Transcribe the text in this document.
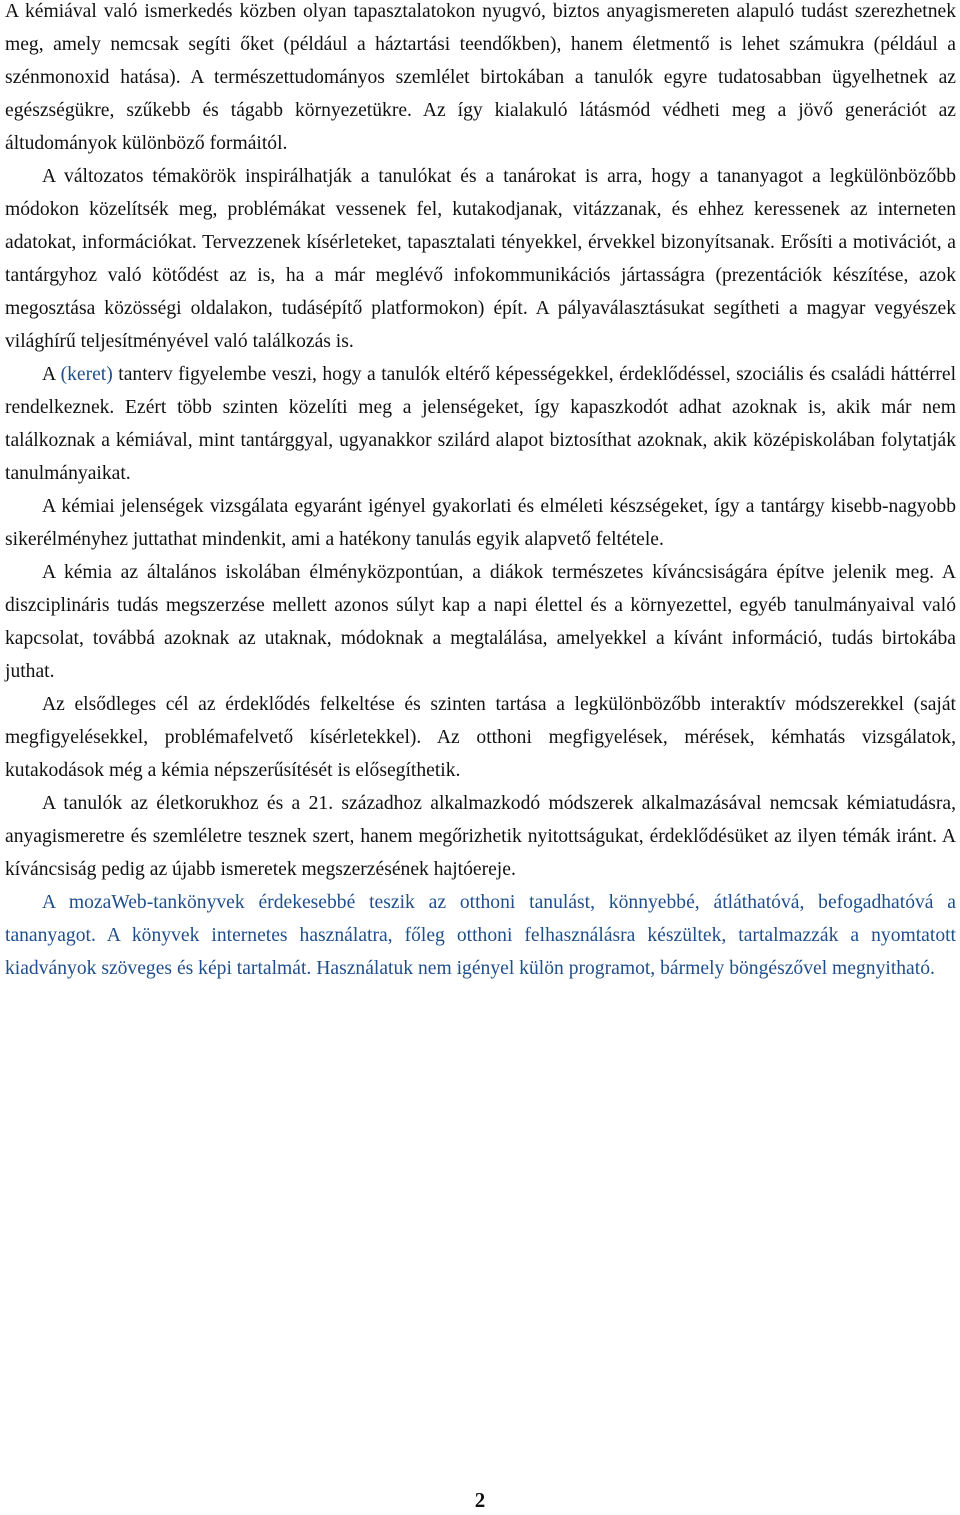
A kémiával való ismerkedés közben olyan tapasztalatokon nyugvó, biztos anyagismereten alapuló tudást szerezhetnek meg, amely nemcsak segíti őket (például a háztartási teendőkben), hanem életmentő is lehet számukra (például a szénmonoxid hatása). A természettudományos szemlélet birtokában a tanulók egyre tudatosabban ügyelhetnek az egészségükre, szűkebb és tágabb környezetükre. Az így kialakuló látásmód védheti meg a jövő generációt az áltudományok különböző formáitól.

A változatos témakörök inspirálhatják a tanulókat és a tanárokat is arra, hogy a tananyagot a legkülönbözőbb módokon közelítsék meg, problémákat vessenek fel, kutakodjanak, vitázzanak, és ehhez keressenek az interneten adatokat, információkat. Tervezzenek kísérleteket, tapasztalati tényekkel, érvekkel bizonyítsanak. Erősíti a motivációt, a tantárgyhoz való kötődést az is, ha a már meglévő infokommunikációs jártasságra (prezentációk készítése, azok megosztása közösségi oldalakon, tudásépítő platformokon) épít. A pályaválasztásukat segítheti a magyar vegyészek világhírű teljesítményével való találkozás is.

A (keret) tanterv figyelembe veszi, hogy a tanulók eltérő képességekkel, érdeklődéssel, szociális és családi háttérrel rendelkeznek. Ezért több szinten közelíti meg a jelenségeket, így kapaszkodót adhat azoknak is, akik már nem találkoznak a kémiával, mint tantárggyal, ugyanakkor szilárd alapot biztosíthat azoknak, akik középiskolában folytatják tanulmányaikat.

A kémiai jelenségek vizsgálata egyaránt igényel gyakorlati és elméleti készségeket, így a tantárgy kisebb-nagyobb sikerélményhez juttathat mindenkit, ami a hatékony tanulás egyik alapvető feltétele.

A kémia az általános iskolában élményközpontúan, a diákok természetes kíváncsiságára építve jelenik meg. A diszciplináris tudás megszerzése mellett azonos súlyt kap a napi élettel és a környezettel, egyéb tanulmányaival való kapcsolat, továbbá azoknak az utaknak, módoknak a megtalálása, amelyekkel a kívánt információ, tudás birtokába juthat.

Az elsődleges cél az érdeklődés felkeltése és szinten tartása a legkülönbözőbb interaktív módszerekkel (saját megfigyelésekkel, problémafelvető kísérletekkel). Az otthoni megfigyelések, mérések, kémhatás vizsgálatok, kutakodások még a kémia népszerűsítését is elősegíthetik.

A tanulók az életkorukhoz és a 21. századhoz alkalmazkodó módszerek alkalmazásával nemcsak kémiatudásra, anyagismeretre és szemléletre tesznek szert, hanem megőrizhetik nyitottságukat, érdeklődésüket az ilyen témák iránt. A kíváncsiság pedig az újabb ismeretek megszerzésének hajtóereje.

A mozaWeb-tankönyvek érdekesebbé teszik az otthoni tanulást, könnyebbé, átláthatóvá, befogadhatóvá a tananyagot. A könyvek internetes használatra, főleg otthoni felhasználásra készültek, tartalmazzák a nyomtatott kiadványok szöveges és képi tartalmát. Használatuk nem igényel külön programot, bármely böngészővel megnyitható.

2
